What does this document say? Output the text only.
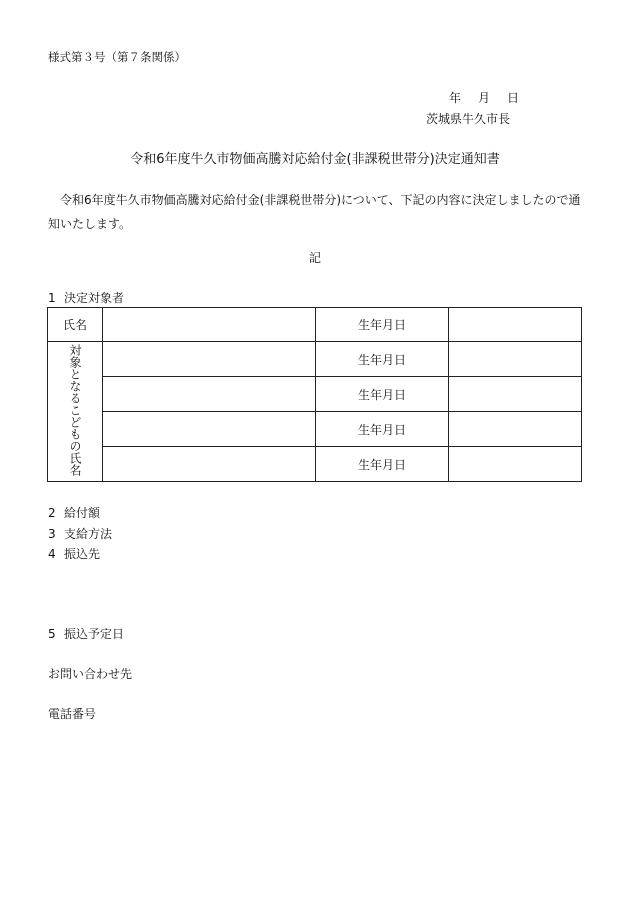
様式第３号（第７条関係）
年 月 日
茨城県牛久市長
令和6年度牛久市物価高騰対応給付金(非課税世帯分)決定通知書
令和6年度牛久市物価高騰対応給付金(非課税世帯分)について、下記の内容に決定しましたので通知いたします。
記
1 決定対象者
氏名		生年月日	
対象となるこどもの氏名		生年月日	
		生年月日	
		生年月日	
		生年月日	
2 給付額
3 支給方法
4 振込先
5 振込予定日
お問い合わせ先
電話番号
